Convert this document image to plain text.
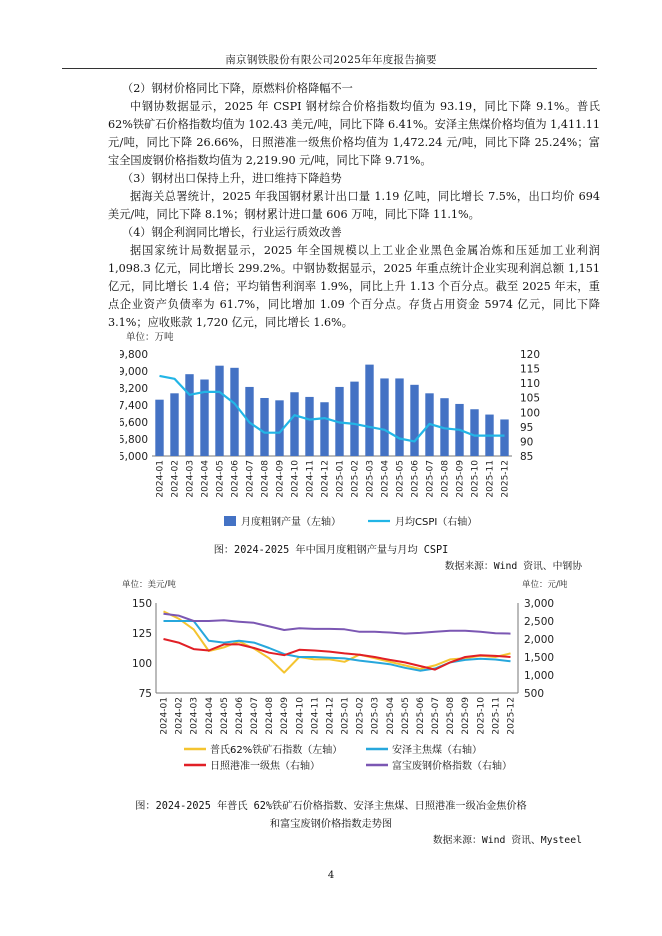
南京钢铁股份有限公司2025年年度报告摘要
（2）钢材价格同比下降，原燃料价格降幅不一

中钢协数据显示，2025 年 CSPI 钢材综合价格指数均值为 93.19，同比下降 9.1%。普氏 62%铁矿石价格指数均值为 102.43 美元/吨，同比下降 6.41%。安泽主焦煤价格均值为 1,411.11 元/吨，同比下降 26.66%，日照港准一级焦价格均值为 1,472.24 元/吨，同比下降 25.24%；富宝全国废钢价格指数均值为 2,219.90 元/吨，同比下降 9.71%。

（3）钢材出口保持上升，进口维持下降趋势

据海关总署统计，2025 年我国钢材累计出口量 1.19 亿吨，同比增长 7.5%，出口均价 694 美元/吨，同比下降 8.1%；钢材累计进口量 606 万吨，同比下降 11.1%。

（4）钢企利润同比增长，行业运行质效改善

据国家统计局数据显示，2025 年全国规模以上工业企业黑色金属冶炼和压延加工业利润 1,098.3 亿元，同比增长 299.2%。中钢协数据显示，2025 年重点统计企业实现利润总额 1,151 亿元，同比增长 1.4 倍；平均销售利润率 1.9%，同比上升 1.13 个百分点。截至 2025 年末，重点企业资产负债率为 61.7%，同比增加 1.09 个百分点。存货占用资金 5974 亿元，同比下降 3.1%；应收账款 1,720 亿元，同比增长 1.6%。

单位：万吨
5,000
5,800
6,600
7,400
8,200
9,000
9,800
85
90
95
100
105
110
115
120
2024-01 2024-02 2024-03 2024-04 2024-05 2024-06 2024-07 2024-08 2024-09 2024-10 2024-11 2024-12 2025-01 2025-02 2025-03 2025-04 2025-05 2025-06 2025-07 2025-08 2025-09 2025-10 2025-11 2025-12
月度粗钢产量（左轴）	月均CSPI（右轴）
图：2024-2025 年中国月度粗钢产量与月均 CSPI
数据来源：Wind 资讯、中钢协
单位：美元/吨	单位：元/吨
75
100
125
150
500
1,000
1,500
2,000
2,500
3,000
2024-01 2024-02 2024-03 2024-04 2024-05 2024-06 2024-07 2024-08 2024-09 2024-10 2024-11 2024-12 2025-01 2025-02 2025-03 2025-04 2025-05 2025-06 2025-07 2025-08 2025-09 2025-10 2025-11 2025-12
普氏62%铁矿石指数（左轴）	安泽主焦煤（右轴）
日照港准一级焦（右轴）	富宝废钢价格指数（右轴）
图：2024-2025 年普氏 62%铁矿石价格指数、安泽主焦煤、日照港准一级冶金焦价格
和富宝废钢价格指数走势图
数据来源：Wind 资讯、Mysteel
4
